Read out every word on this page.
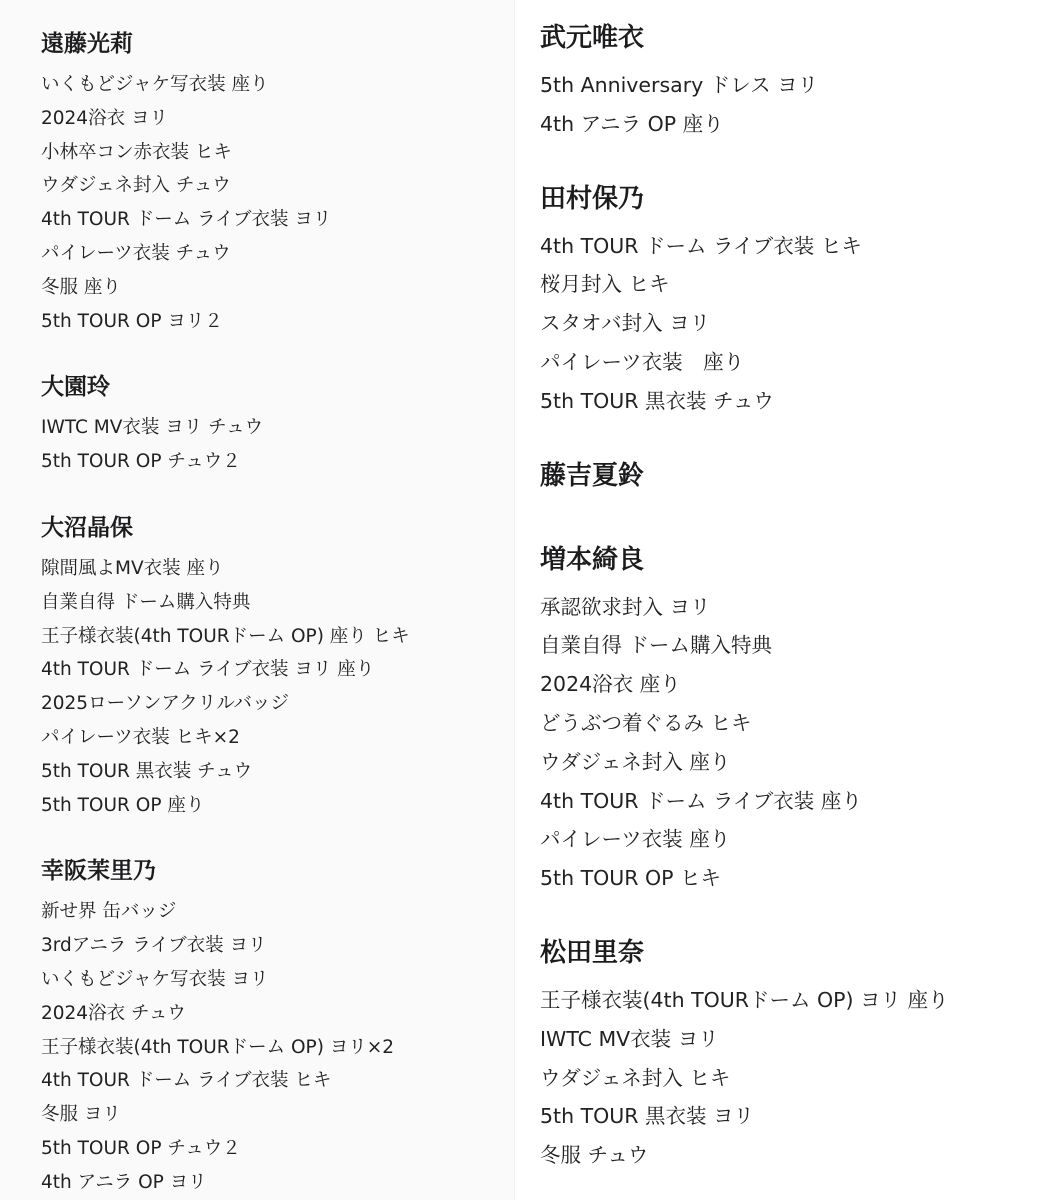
遠藤光莉
いくもどジャケ写衣装 座り
2024浴衣 ヨリ
小林卒コン赤衣装 ヒキ
ウダジェネ封入 チュウ
4th TOUR ドーム ライブ衣装 ヨリ
パイレーツ衣装 チュウ
冬服 座り
5th TOUR OP ヨリ２
大園玲
IWTC MV衣装 ヨリ チュウ
5th TOUR OP チュウ２
大沼晶保
隙間風よMV衣装 座り
自業自得 ドーム購入特典
王子様衣装(4th TOURドーム OP) 座り ヒキ
4th TOUR ドーム ライブ衣装 ヨリ 座り
2025ローソンアクリルバッジ
パイレーツ衣装 ヒキ×2
5th TOUR 黒衣装 チュウ
5th TOUR OP 座り
幸阪茉里乃
新せ界 缶バッジ
3rdアニラ ライブ衣装 ヨリ
いくもどジャケ写衣装 ヨリ
2024浴衣 チュウ
王子様衣装(4th TOURドーム OP) ヨリ×2
4th TOUR ドーム ライブ衣装 ヒキ
冬服 ヨリ
5th TOUR OP チュウ２
4th アニラ OP ヨリ
武元唯衣
5th Anniversary ドレス ヨリ
4th アニラ OP 座り
田村保乃
4th TOUR ドーム ライブ衣装 ヒキ
桜月封入 ヒキ
スタオバ封入 ヨリ
パイレーツ衣装　座り
5th TOUR 黒衣装 チュウ
藤吉夏鈴
増本綺良
承認欲求封入 ヨリ
自業自得 ドーム購入特典
2024浴衣 座り
どうぶつ着ぐるみ ヒキ
ウダジェネ封入 座り
4th TOUR ドーム ライブ衣装 座り
パイレーツ衣装 座り
5th TOUR OP ヒキ
松田里奈
王子様衣装(4th TOURドーム OP) ヨリ 座り
IWTC MV衣装 ヨリ
ウダジェネ封入 ヒキ
5th TOUR 黒衣装 ヨリ
冬服 チュウ
